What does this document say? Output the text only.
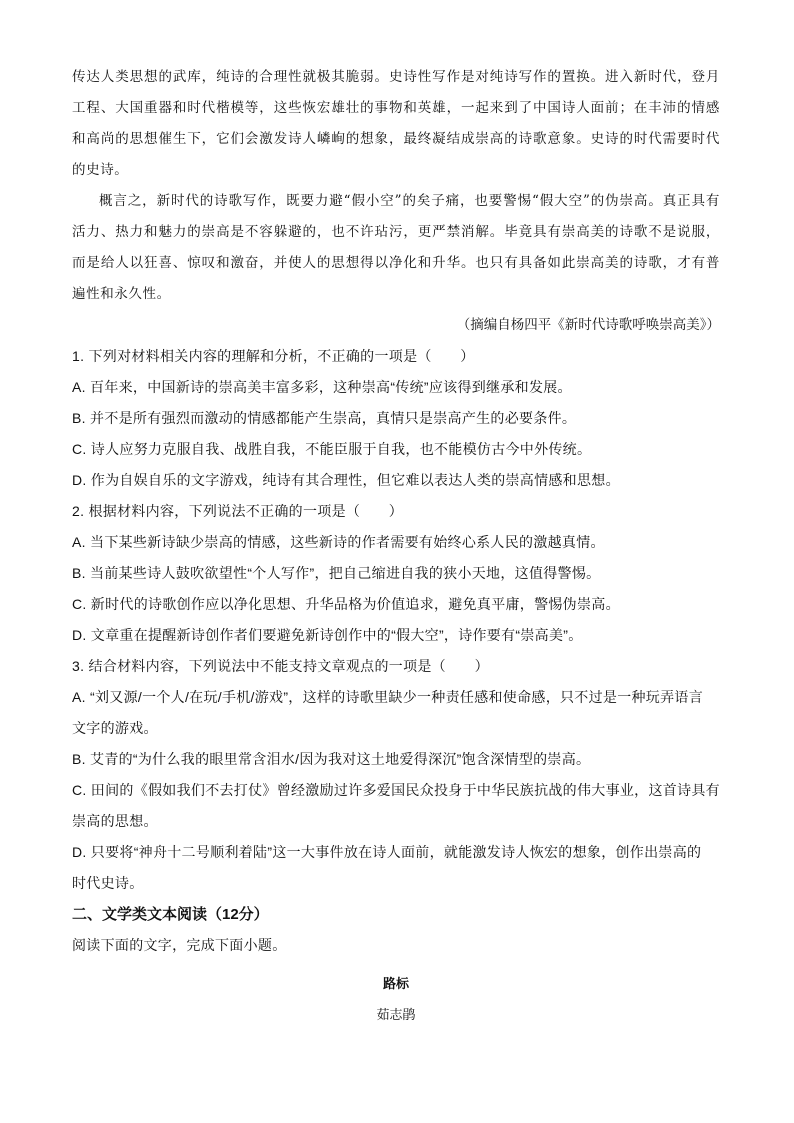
传达人类思想的武库，纯诗的合理性就极其脆弱。史诗性写作是对纯诗写作的置换。进入新时代，登月工程、大国重器和时代楷模等，这些恢宏雄壮的事物和英雄，一起来到了中国诗人面前；在丰沛的情感和高尚的思想催生下，它们会激发诗人嶙峋的想象，最终凝结成崇高的诗歌意象。史诗的时代需要时代的史诗。

概言之，新时代的诗歌写作，既要力避“假小空”的矣子痛，也要警惕“假大空”的伪崇高。真正具有活力、热力和魅力的崇高是不容躲避的，也不许玷污，更严禁消解。毕竟具有崇高美的诗歌不是说服，而是给人以狂喜、惊叹和激奋，并使人的思想得以净化和升华。也只有具备如此崇高美的诗歌，才有普遍性和永久性。

（摘编自杨四平《新时代诗歌呼唤崇高美》）

1. 下列对材料相关内容的理解和分析，不正确的一项是（　　）

A. 百年来，中国新诗的崇高美丰富多彩，这种崇高“传统”应该得到继承和发展。

B. 并不是所有强烈而激动的情感都能产生崇高，真情只是崇高产生的必要条件。

C. 诗人应努力克服自我、战胜自我，不能臣服于自我，也不能模仿古今中外传统。

D. 作为自娱自乐的文字游戏，纯诗有其合理性，但它难以表达人类的崇高情感和思想。

2. 根据材料内容，下列说法不正确的一项是（　　）

A. 当下某些新诗缺少崇高的情感，这些新诗的作者需要有始终心系人民的激越真情。

B. 当前某些诗人鼓吹欲望性“个人写作”，把自己缩进自我的狭小天地，这值得警惕。

C. 新时代的诗歌创作应以净化思想、升华品格为价值追求，避免真平庸，警惕伪崇高。

D. 文章重在提醒新诗创作者们要避免新诗创作中的“假大空”，诗作要有“崇高美”。

3. 结合材料内容，下列说法中不能支持文章观点的一项是（　　）

A. “刘又源/一个人/在玩/手机/游戏”，这样的诗歌里缺少一种责任感和使命感，只不过是一种玩弄语言

文字的游戏。

B. 艾青的“为什么我的眼里常含泪水/因为我对这土地爱得深沉”饱含深情型的崇高。

C. 田间的《假如我们不去打仗》曾经激励过许多爱国民众投身于中华民族抗战的伟大事业，这首诗具有

崇高的思想。

D. 只要将“神舟十二号顺利着陆”这一大事件放在诗人面前，就能激发诗人恢宏的想象，创作出崇高的

时代史诗。

二、文学类文本阅读（12分）

阅读下面的文字，完成下面小题。

路标

茹志鹃
